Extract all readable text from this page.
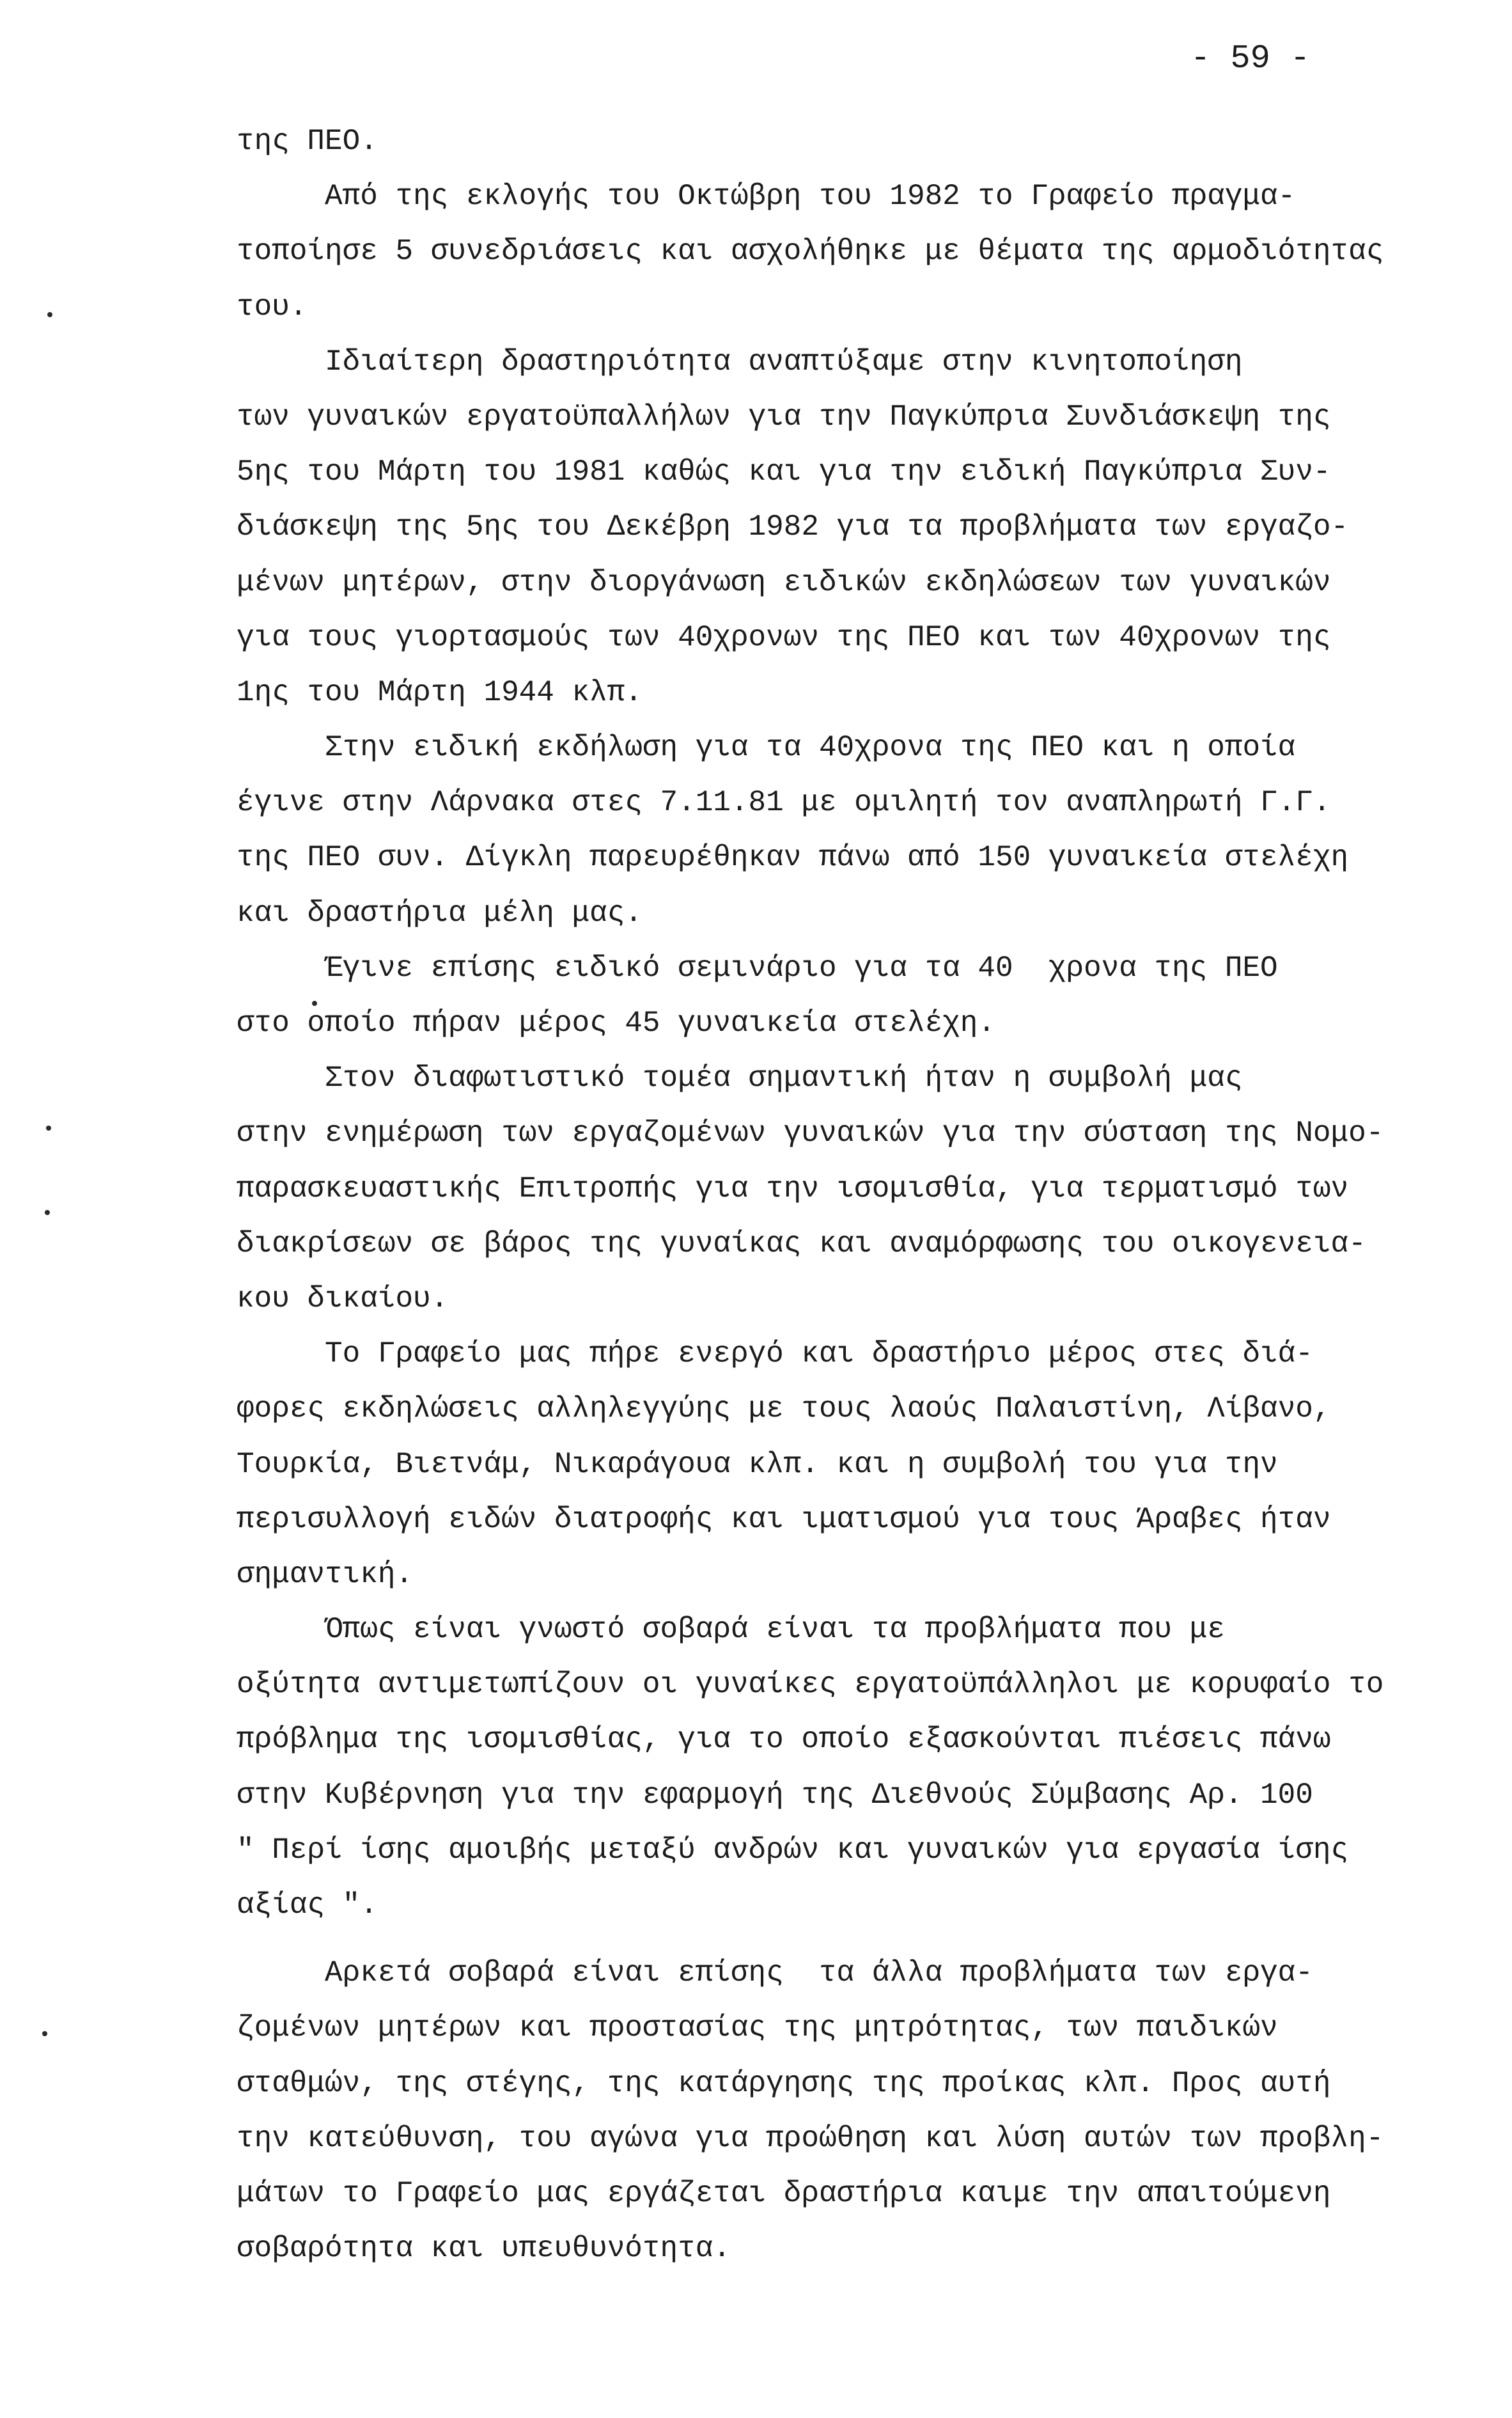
- 59 -
της ΠΕΟ.
Από της εκλογής του Οκτώβρη του 1982 το Γραφείο πραγμα-
τοποίησε 5 συνεδριάσεις και ασχολήθηκε με θέματα της αρμοδιότητας
του.
Ιδιαίτερη δραστηριότητα αναπτύξαμε στην κινητοποίηση
των γυναικών εργατοϋπαλλήλων για την Παγκύπρια Συνδιάσκεψη της
5ης του Μάρτη του 1981 καθώς και για την ειδική Παγκύπρια Συν-
διάσκεψη της 5ης του Δεκέβρη 1982 για τα προβλήματα των εργαζο-
μένων μητέρων, στην διοργάνωση ειδικών εκδηλώσεων των γυναικών
για τους γιορτασμούς των 40χρονων της ΠΕΟ και των 40χρονων της
1ης του Μάρτη 1944 κλπ.
Στην ειδική εκδήλωση για τα 40χρονα της ΠΕΟ και η οποία
έγινε στην Λάρνακα στες 7.11.81 με ομιλητή τον αναπληρωτή Γ.Γ.
της ΠΕΟ συν. Δίγκλη παρευρέθηκαν πάνω από 150 γυναικεία στελέχη
και δραστήρια μέλη μας.
Έγινε επίσης ειδικό σεμινάριο για τα 40  χρονα της ΠΕΟ
στο οποίο πήραν μέρος 45 γυναικεία στελέχη.
Στον διαφωτιστικό τομέα σημαντική ήταν η συμβολή μας
στην ενημέρωση των εργαζομένων γυναικών για την σύσταση της Νομο-
παρασκευαστικής Επιτροπής για την ισομισθία, για τερματισμό των
διακρίσεων σε βάρος της γυναίκας και αναμόρφωσης του οικογενεια-
κου δικαίου.
Το Γραφείο μας πήρε ενεργό και δραστήριο μέρος στες διά-
φορες εκδηλώσεις αλληλεγγύης με τους λαούς Παλαιστίνη, Λίβανο,
Τουρκία, Βιετνάμ, Νικαράγουα κλπ. και η συμβολή του για την
περισυλλογή ειδών διατροφής και ιματισμού για τους Άραβες ήταν
σημαντική.
Όπως είναι γνωστό σοβαρά είναι τα προβλήματα που με
οξύτητα αντιμετωπίζουν οι γυναίκες εργατοϋπάλληλοι με κορυφαίο το
πρόβλημα της ισομισθίας, για το οποίο εξασκούνται πιέσεις πάνω
στην Κυβέρνηση για την εφαρμογή της Διεθνούς Σύμβασης Αρ. 100
" Περί ίσης αμοιβής μεταξύ ανδρών και γυναικών για εργασία ίσης
αξίας ".
Αρκετά σοβαρά είναι επίσης  τα άλλα προβλήματα των εργα-
ζομένων μητέρων και προστασίας της μητρότητας, των παιδικών
σταθμών, της στέγης, της κατάργησης της προίκας κλπ. Προς αυτή
την κατεύθυνση, του αγώνα για προώθηση και λύση αυτών των προβλη-
μάτων το Γραφείο μας εργάζεται δραστήρια καιμε την απαιτούμενη
σοβαρότητα και υπευθυνότητα.
